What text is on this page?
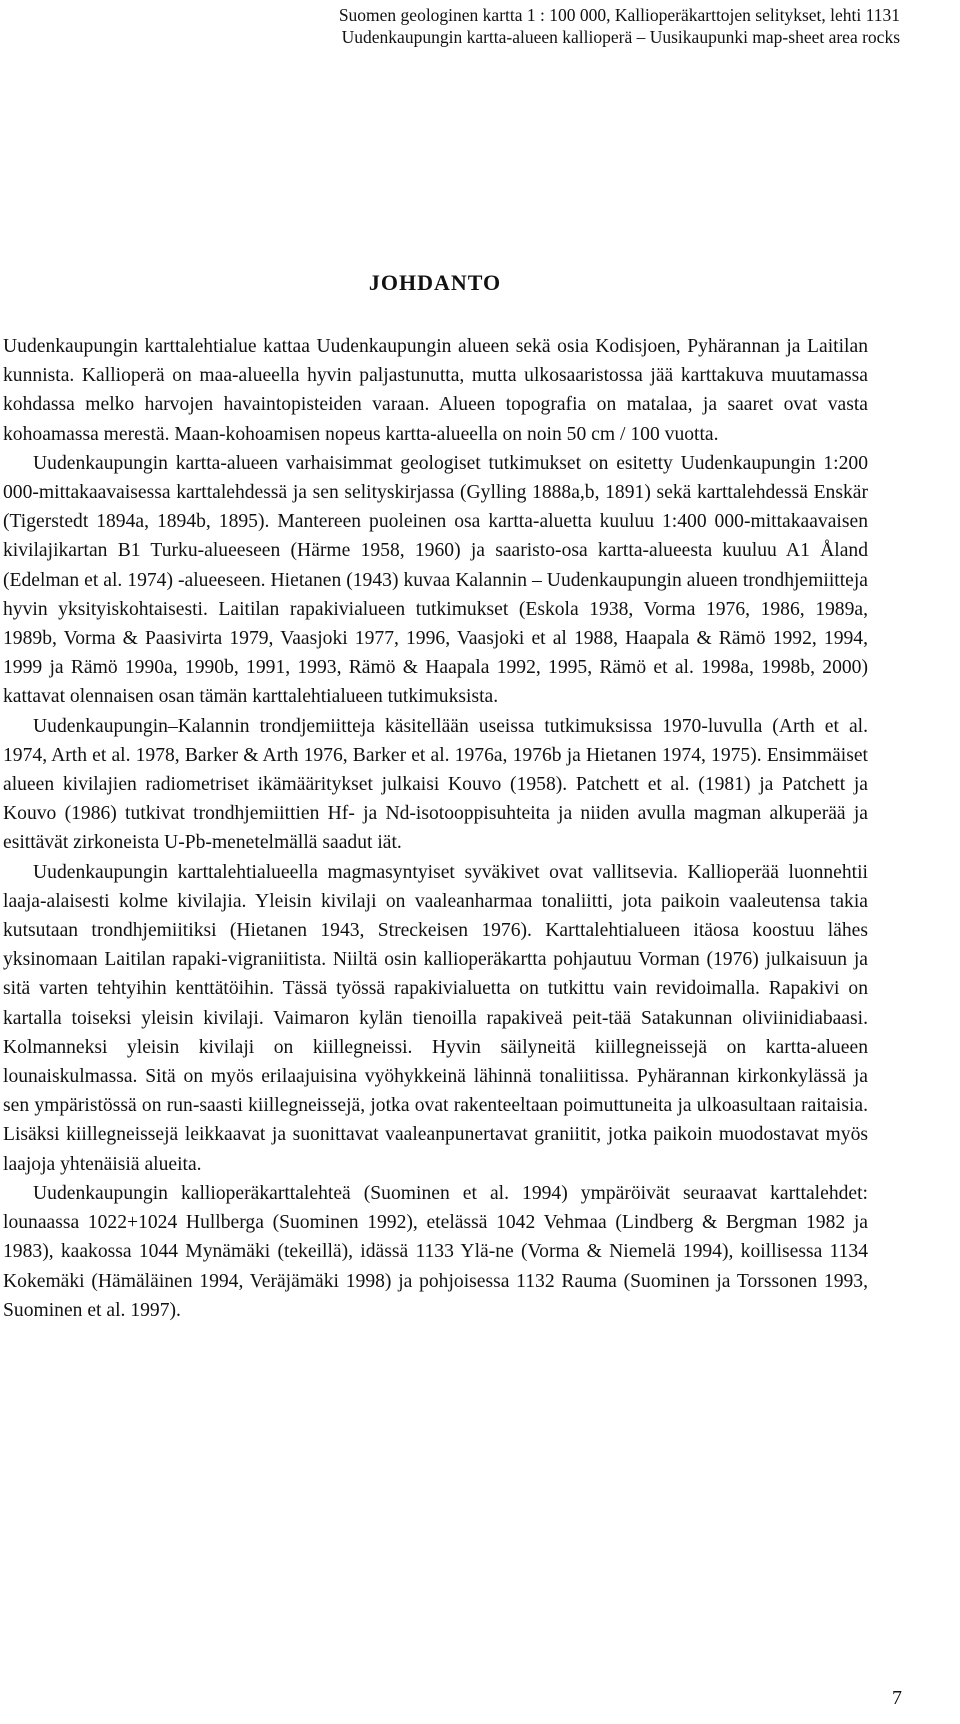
Suomen geologinen kartta 1 : 100 000, Kallioperäkarttojen selitykset, lehti 1131
Uudenkaupungin kartta-alueen kallioperä – Uusikaupunki map-sheet area rocks
JOHDANTO

Uudenkaupungin karttalehtialue kattaa Uudenkaupungin alueen sekä osia Kodisjoen, Pyhärannan ja Laitilan kunnista. Kallioperä on maa-alueella hyvin paljastunutta, mutta ulkosaaristossa jää karttakuva muutamassa kohdassa melko harvojen havaintopisteiden varaan. Alueen topografia on matalaa, ja saaret ovat vasta kohoamassa merestä. Maan-kohoamisen nopeus kartta-alueella on noin 50 cm / 100 vuotta.

Uudenkaupungin kartta-alueen varhaisimmat geologiset tutkimukset on esitetty Uudenkaupungin 1:200 000-mittakaavaisessa karttalehdessä ja sen selityskirjassa (Gylling 1888a,b, 1891) sekä karttalehdessä Enskär (Tigerstedt 1894a, 1894b, 1895). Mantereen puoleinen osa kartta-aluetta kuuluu 1:400 000-mittakaavaisen kivilajikartan B1 Turku-alueeseen (Härme 1958, 1960) ja saaristo-osa kartta-alueesta kuuluu A1 Åland (Edelman et al. 1974) -alueeseen. Hietanen (1943) kuvaa Kalannin – Uudenkaupungin alueen trondhjemiitteja hyvin yksityiskohtaisesti. Laitilan rapakivialueen tutkimukset (Eskola 1938, Vorma 1976, 1986, 1989a, 1989b, Vorma & Paasivirta 1979, Vaasjoki 1977, 1996, Vaasjoki et al 1988, Haapala & Rämö 1992, 1994, 1999 ja Rämö 1990a, 1990b, 1991, 1993, Rämö & Haapala 1992, 1995, Rämö et al. 1998a, 1998b, 2000) kattavat olennaisen osan tämän karttalehtialueen tutkimuksista.

Uudenkaupungin–Kalannin trondjemiitteja käsitellään useissa tutkimuksissa 1970-luvulla (Arth et al. 1974, Arth et al. 1978, Barker & Arth 1976, Barker et al. 1976a, 1976b ja Hietanen 1974, 1975). Ensimmäiset alueen kivilajien radiometriset ikämääritykset julkaisi Kouvo (1958). Patchett et al. (1981) ja Patchett ja Kouvo (1986) tutkivat trondhjemiittien Hf- ja Nd-isotooppisuhteita ja niiden avulla magman alkuperää ja esittävät zirkoneista U-Pb-menetelmällä saadut iät.

Uudenkaupungin karttalehtialueella magmasyntyiset syväkivet ovat vallitsevia. Kallioperää luonnehtii laaja-alaisesti kolme kivilajia. Yleisin kivilaji on vaaleanharmaa tonaliitti, jota paikoin vaaleutensa takia kutsutaan trondhjemiitiksi (Hietanen 1943, Streckeisen 1976). Karttalehtialueen itäosa koostuu lähes yksinomaan Laitilan rapaki-vigraniitista. Niiltä osin kallioperäkartta pohjautuu Vorman (1976) julkaisuun ja sitä varten tehtyihin kenttätöihin. Tässä työssä rapakivialuetta on tutkittu vain revidoimalla. Rapakivi on kartalla toiseksi yleisin kivilaji. Vaimaron kylän tienoilla rapakiveä peit-tää Satakunnan oliviinidiabaasi. Kolmanneksi yleisin kivilaji on kiillegneissi. Hyvin säilyneitä kiillegneissejä on kartta-alueen lounaiskulmassa. Sitä on myös erilaajuisina vyöhykkeinä lähinnä tonaliitissa. Pyhärannan kirkonkylässä ja sen ympäristössä on run-saasti kiillegneissejä, jotka ovat rakenteeltaan poimuttuneita ja ulkoasultaan raitaisia. Lisäksi kiillegneissejä leikkaavat ja suonittavat vaaleanpunertavat graniitit, jotka paikoin muodostavat myös laajoja yhtenäisiä alueita.

Uudenkaupungin kallioperäkarttalehteä (Suominen et al. 1994) ympäröivät seuraavat karttalehdet: lounaassa 1022+1024 Hullberga (Suominen 1992), etelässä 1042 Vehmaa (Lindberg & Bergman 1982 ja 1983), kaakossa 1044 Mynämäki (tekeillä), idässä 1133 Ylä-ne (Vorma & Niemelä 1994), koillisessa 1134 Kokemäki (Hämäläinen 1994, Veräjämäki 1998) ja pohjoisessa 1132 Rauma (Suominen ja Torssonen 1993, Suominen et al. 1997).

7
